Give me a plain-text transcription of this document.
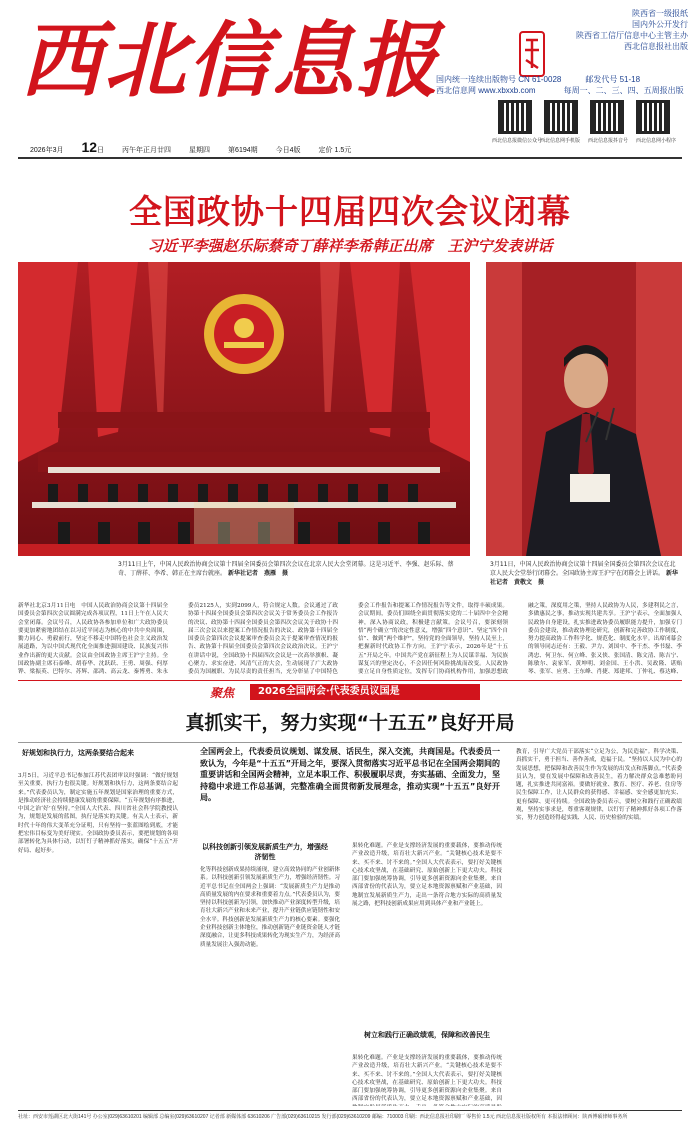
西北信息报	陕西省一级报纸
国内外公开发行
陕西省工信厅信息中心主管主办
西北信息报社出版
国内统一连续出版物号 CN 61-0028	邮发代号 51-18
西北信息网 www.xbxxb.com	每周一、二、三、四、五周报出版
西北信息报微信公众号
西北信息网手机版 西北信息报抖音号 西北信息网小程序
2026年3月 12日	丙午年正月廿四	星期四	第6194期	今日4版	定价 1.5元
全国政协十四届四次会议闭幕
习近平李强赵乐际蔡奇丁薛祥李希韩正出席　王沪宁发表讲话
3月11日上午，中国人民政治协商会议第十四届全国委员会第四次会议在北京人民大会堂闭幕。这是习近平、李强、赵乐际、蔡奇、丁薛祥、李希、韩正在主席台就座。 新华社记者　燕雁　摄
3月11日，中国人民政治协商会议第十四届全国委员会第四次会议在北京人民大会堂举行闭幕会。全国政协主席王沪宁在闭幕会上讲话。 新华社记者　黄敬文　摄
新华社北京3月11日电　中国人民政治协商会议第十四届全国委员会第四次会议圆满完成各项议程，11日上午在人民大会堂闭幕。会议号召，人民政协各参加单位和广大政协委员要更加紧密地团结在以习近平同志为核心的中共中央周围，勠力同心、勇毅前行，坚定不移走中国特色社会主义政治发展道路，为以中国式现代化全面推进强国建设、民族复兴伟业作出新的更大贡献。会议由全国政协主席王沪宁主持。全国政协副主席石泰峰、胡春华、沈跃跃、王勇、周强、何厚铧、梁振英、巴特尔、苏辉、邵鸿、高云龙、秦博勇、朱永
委员2125人，实到2099人，符合规定人数。会议通过了政协第十四届全国委员会第四次会议关于常务委员会工作报告的决议、政协第十四届全国委员会第四次会议关于政协十四届三次会议以来提案工作情况报告的决议、政协第十四届全国委员会第四次会议提案审查委员会关于提案审查情况的报告、政协第十四届全国委员会第四次会议政治决议。王沪宁在讲话中说，全国政协十四届四次会议是一次高举旗帜、凝心聚力、求实奋进、风清气正的大会，生动展现了广大政协委员为国履职、为民尽责的责任担当，充分彰显了中国特色
委会工作报告和提案工作情况报告等文件，取得丰硕成果。会议期间，委员们围绕全面贯彻落实党的二十届四中全会精神，深入协商议政，积极建言献策。会议号召，要深刻领悟“两个确立”的决定性意义，增强“四个意识”、坚定“四个自信”、做到“两个维护”，坚持党的全面领导，坚持人民至上，把握新时代政协工作方向。王沪宁表示，2026年是“十五五”开局之年。中国共产党在新征程上为人民谋幸福、为民族谋复兴的坚定决心，不会因任何风险挑战而改变。人民政协要立足自身性质定位，发挥专门协商机构作用，加强思想政
融之策，深度用之策，坚持人民政协为人民，多建利民之言，多做惠民之事，推动实现共建共享。王沪宁表示，全面加强人民政协自身建设，扎实推进政协委员履职能力提升，加强专门委员会建设，推动政协理论研究，创新和完善政协工作制度，努力提高政协工作科学化、规范化、制度化水平。出席闭幕会的领导同志还有：王毅、尹力、刘国中、李干杰、李书磊、李鸿忠、何卫东、何立峰、张又侠、张国清、陈文清、陈吉宁、陈敏尔、袁家军、黄坤明、刘金国、王小洪、吴政隆、谌贻琴、张军、应勇、王东峰、肖捷、郑建邦、丁仲礼、蔡达峰、
聚焦	2026全国两会·代表委员议国是
真抓实干，努力实现“十五五”良好开局
好规划和执行力，这两条要结合起来
3月5日，习近平总书记参加江苏代表团审议时强调：“做好规划至关重要，执行力也很关键。好规划和执行力，这两条要结合起来。”代表委员认为，制定实施五年规划是国家治理的重要方式，是推动经济社会持续健康发展的重要保障。“五年规划有序推进，中国之治‘好’在坚持。”全国人大代表、四川省社会科学院教授认为，规划是发展的蓝图，执行是落实的关键。有关人士表示，新时代十年的伟大变革充分证明，只有坚持一张蓝图绘到底，才能把宏伟目标变为美好现实。全国政协委员表示，要把规划的各项部署转化为具体行动，以钉钉子精神抓好落实，确保“十五五”开好局、起好步。

全国两会上，代表委员议规划、谋发展、话民生，深入交流，共商国是。代表委员一致认为，今年是“十五五”开局之年，要深入贯彻落实习近平总书记在全国两会期间的重要讲话和全国两会精神，立足本职工作、积极履职尽责，夯实基础、全面发力，坚持稳中求进工作总基调，完整准确全面贯彻新发展理念，推动实现“十五五”良好开局。

以科技创新引领发展新质生产力，增强经济韧性
化等科技创新成果持续涌现，建立高效协同的产业创新体系。以科技创新引领发展新质生产力，增强经济韧性。习近平总书记在全国两会上强调：“发展新质生产力是推动高质量发展的内在要求和重要着力点。”代表委员认为，要坚持以科技创新为引领，加快推动产业深度转型升级，培育壮大新兴产业和未来产业，提升产业链供应链韧性和安全水平。科技创新是发展新质生产力的核心要素。要强化企业科技创新主体地位，推动创新链产业链资金链人才链深度融合，让更多科技成果转化为现实生产力，为经济高质量发展注入强劲动能。
果转化难题。产业是支撑经济发展的重要载体，要推动传统产业改造升级，培育壮大新兴产业。“关键核心技术是要不来、买不来、讨不来的。”全国人大代表表示，要打好关键核心技术攻坚战，在基础研究、原始创新上下更大功夫。科技部门要加强统筹协调，引导更多创新资源向企业集聚。来自西部省份的代表认为，要立足本地资源禀赋和产业基础，因地制宜发展新质生产力，走出一条符合地方实际的高质量发展之路，把科技创新成果应用到具体产业和产业链上。
树立和践行正确政绩观，保障和改善民生
果转化难题。产业是支撑经济发展的重要载体，要推动传统产业改造升级，培育壮大新兴产业。“关键核心技术是要不来、买不来、讨不来的。”全国人大代表表示，要打好关键核心技术攻坚战，在基础研究、原始创新上下更大功夫。科技部门要加强统筹协调，引导更多创新资源向企业集聚。来自西部省份的代表认为，要立足本地资源禀赋和产业基础，因
教育，引导广大党员干部落实“立足为公，为民造福”。科学决策、真抓实干，勇于担当、善作善成，造福于民。“坚持以人民为中心的发展思想，把保障和改善民生作为发展的出发点和落脚点。”代表委员认为，要在发展中保障和改善民生，着力解决群众急难愁盼问题，扎实推进共同富裕。要做好就业、教育、医疗、养老、住房等民生保障工作，让人民群众的获得感、幸福感、安全感更加充实、更有保障、更可持续。全国政协委员表示，要树立和践行正确政绩观，坚持实事求是，尊重客观规律，以钉钉子精神抓好各项工作落实，努力创造经得起实践、人民、历史检验的实绩。
社址：西安市莲湖区北大街141号 办公室(029)63610201 编辑部 总编室(029)63610207 记者部 新媒体部 63610206 广告部(029)63610215 发行部(029)63610209 邮编：710003 印刷：西北信息报社印刷厂 零售价 1.5元 西北信息报社版权所有 本报法律顾问：陕西博硕律师事务所
